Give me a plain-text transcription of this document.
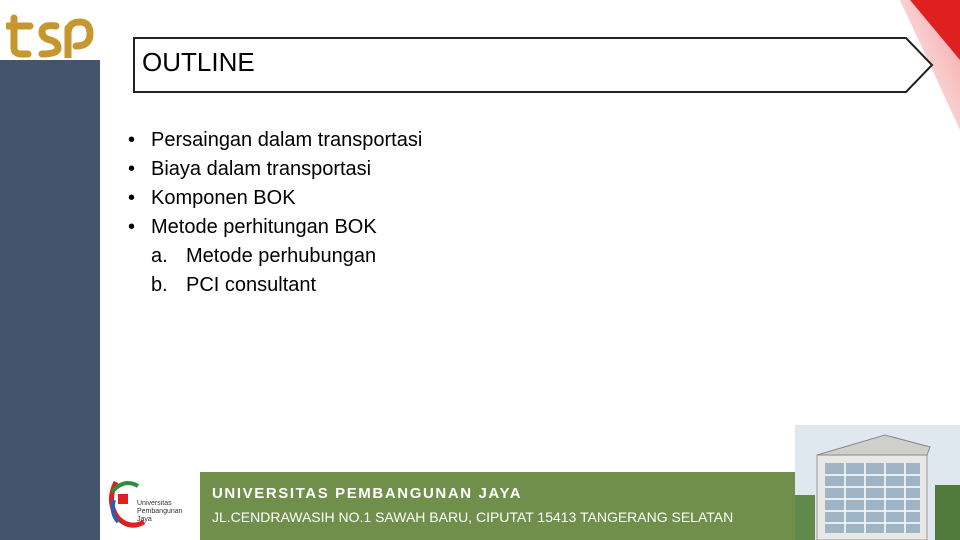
OUTLINE
• Persaingan dalam transportasi
• Biaya dalam transportasi
• Komponen BOK
• Metode perhitungan BOK
a. Metode perhubungan
b. PCI consultant
Universitas Pembangunan Jaya
UNIVERSITAS PEMBANGUNAN JAYA
JL.CENDRAWASIH NO.1 SAWAH BARU, CIPUTAT 15413 TANGERANG SELATAN
